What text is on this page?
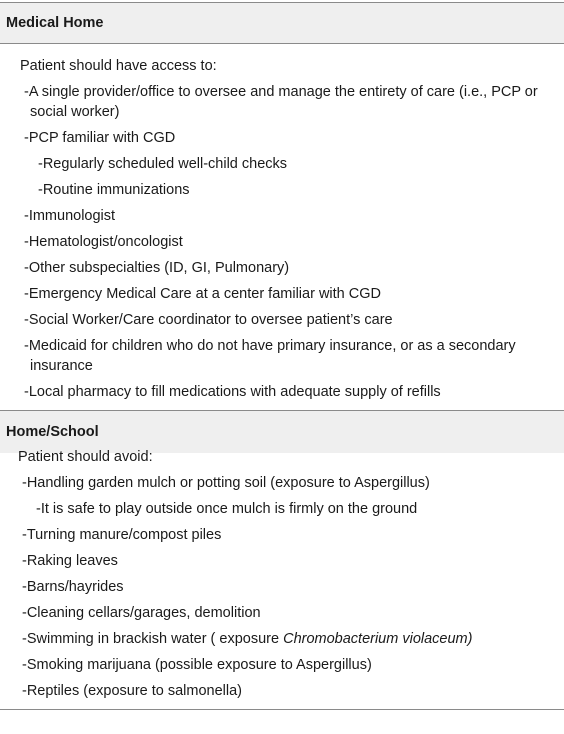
Medical Home
Patient should have access to:
-A single provider/office to oversee and manage the entirety of care (i.e., PCP or
social worker)
-PCP familiar with CGD
-Regularly scheduled well-child checks
-Routine immunizations
-Immunologist
-Hematologist/oncologist
-Other subspecialties (ID, GI, Pulmonary)
-Emergency Medical Care at a center familiar with CGD
-Social Worker/Care coordinator to oversee patient’s care
-Medicaid for children who do not have primary insurance, or as a secondary
insurance
-Local pharmacy to fill medications with adequate supply of refills
Home/School
Patient should avoid:
-Handling garden mulch or potting soil (exposure to Aspergillus)
-It is safe to play outside once mulch is firmly on the ground
-Turning manure/compost piles
-Raking leaves
-Barns/hayrides
-Cleaning cellars/garages, demolition
-Swimming in brackish water ( exposure Chromobacterium violaceum)
-Smoking marijuana (possible exposure to Aspergillus)
-Reptiles (exposure to salmonella)
